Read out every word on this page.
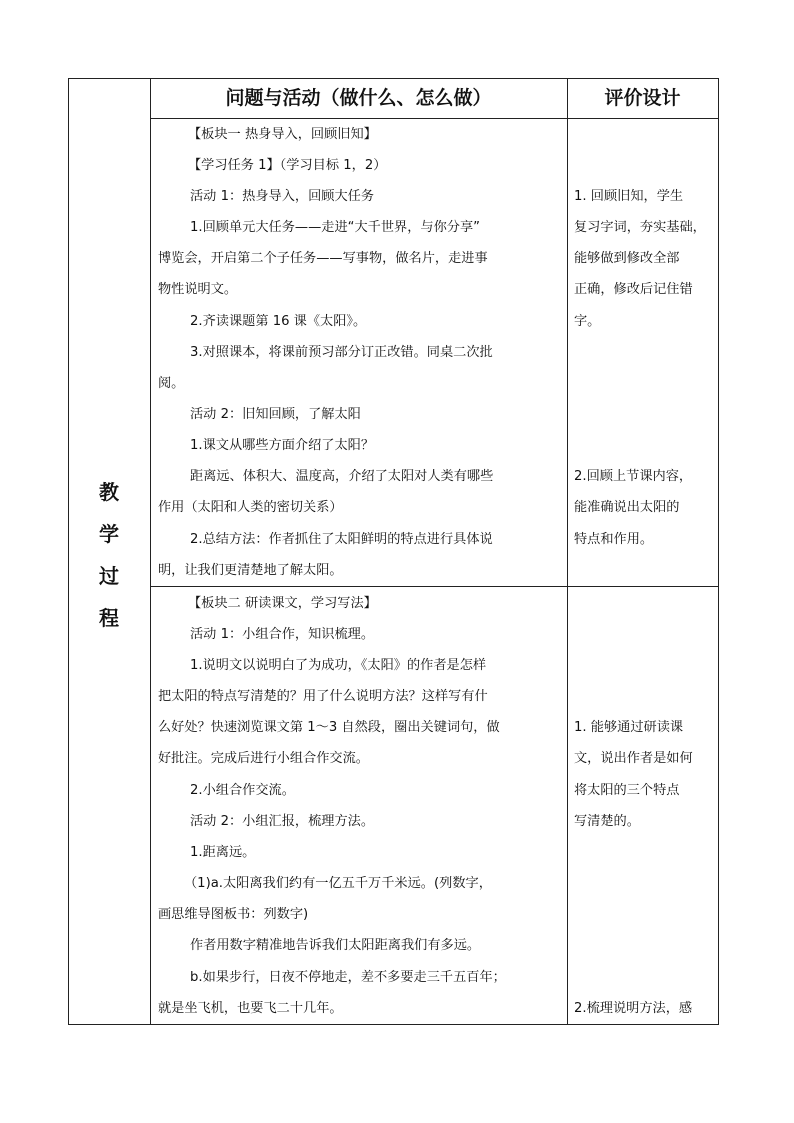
问题与活动（做什么、怎么做）	评价设计
教
学
过
程
【板块一 热身导入，回顾旧知】
【学习任务 1】（学习目标 1，2）
活动 1：热身导入，回顾大任务
1.回顾单元大任务——走进“大千世界，与你分享”
博览会，开启第二个子任务——写事物，做名片，走进事
物性说明文。
2.齐读课题第 16 课《太阳》。
3.对照课本，将课前预习部分订正改错。同桌二次批
阅。
活动 2：旧知回顾，了解太阳
1.课文从哪些方面介绍了太阳？
距离远、体积大、温度高，介绍了太阳对人类有哪些
作用（太阳和人类的密切关系）
2.总结方法：作者抓住了太阳鲜明的特点进行具体说
明，让我们更清楚地了解太阳。
1. 回顾旧知，学生
复习字词，夯实基础，
能够做到修改全部
正确，修改后记住错
字。
2.回顾上节课内容，
能准确说出太阳的
特点和作用。
【板块二 研读课文，学习写法】
活动 1：小组合作，知识梳理。
1.说明文以说明白了为成功，《太阳》的作者是怎样
把太阳的特点写清楚的？用了什么说明方法？这样写有什
么好处？快速浏览课文第 1～3 自然段，圈出关键词句，做
好批注。完成后进行小组合作交流。
2.小组合作交流。
活动 2：小组汇报，梳理方法。
1.距离远。
（1)a.太阳离我们约有一亿五千万千米远。(列数字，
画思维导图板书：列数字)
作者用数字精准地告诉我们太阳距离我们有多远。
b.如果步行，日夜不停地走，差不多要走三千五百年；
就是坐飞机，也要飞二十几年。
1. 能够通过研读课
文，说出作者是如何
将太阳的三个特点
写清楚的。
2.梳理说明方法，感
